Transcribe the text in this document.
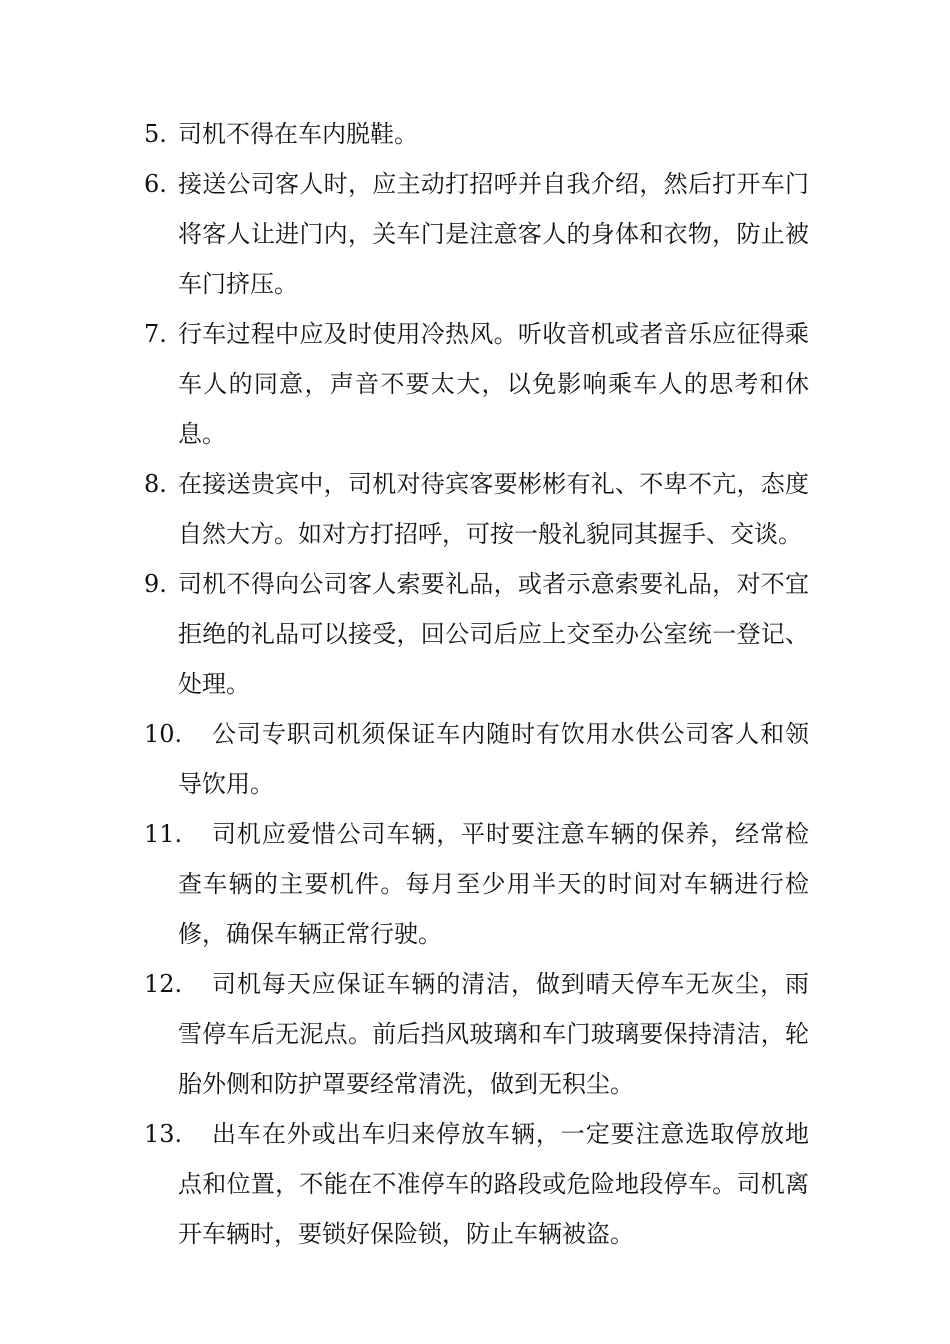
5. 司机不得在车内脱鞋。
6. 接送公司客人时，应主动打招呼并自我介绍，然后打开车门将客人让进门内，关车门是注意客人的身体和衣物，防止被车门挤压。
7. 行车过程中应及时使用冷热风。听收音机或者音乐应征得乘车人的同意，声音不要太大，以免影响乘车人的思考和休息。
8. 在接送贵宾中，司机对待宾客要彬彬有礼、不卑不亢，态度自然大方。如对方打招呼，可按一般礼貌同其握手、交谈。
9. 司机不得向公司客人索要礼品，或者示意索要礼品，对不宜拒绝的礼品可以接受，回公司后应上交至办公室统一登记、处理。
10.	公司专职司机须保证车内随时有饮用水供公司客人和领导饮用。
11.	司机应爱惜公司车辆，平时要注意车辆的保养，经常检查车辆的主要机件。每月至少用半天的时间对车辆进行检修，确保车辆正常行驶。
12.	司机每天应保证车辆的清洁，做到晴天停车无灰尘，雨雪停车后无泥点。前后挡风玻璃和车门玻璃要保持清洁，轮胎外侧和防护罩要经常清洗，做到无积尘。
13.	出车在外或出车归来停放车辆，一定要注意选取停放地点和位置，不能在不准停车的路段或危险地段停车。司机离开车辆时，要锁好保险锁，防止车辆被盗。
